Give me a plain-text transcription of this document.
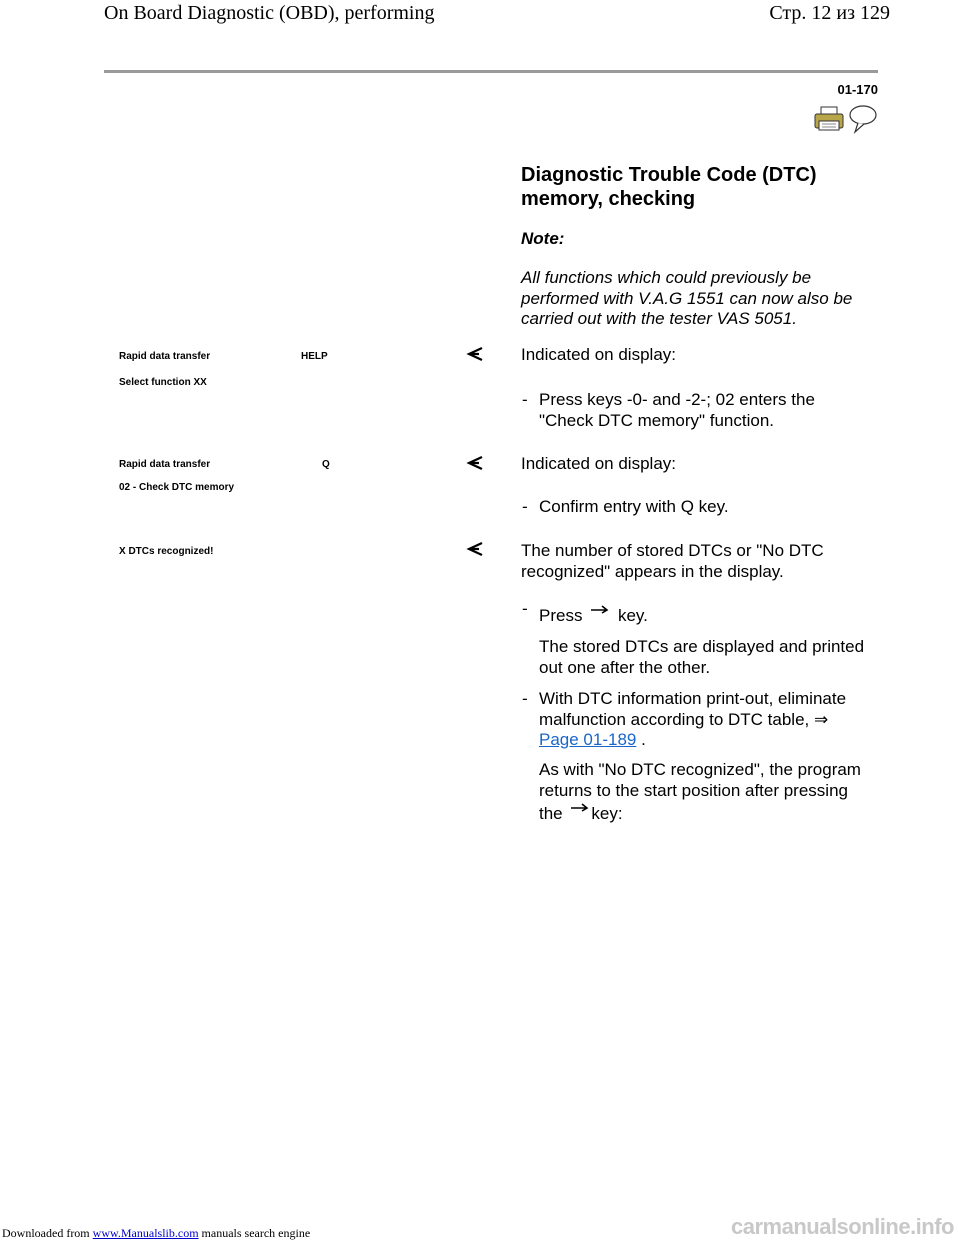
On Board Diagnostic (OBD), performing	Стр. 12 из 129
01-170
Diagnostic Trouble Code (DTC) memory, checking
Note:
All functions which could previously be performed with V.A.G 1551 can now also be carried out with the tester VAS 5051.
Rapid data transfer	HELP
Select function XX
Indicated on display:
- Press keys -0- and -2-; 02 enters the "Check DTC memory" function.
Rapid data transfer	Q
02 - Check DTC memory
Indicated on display:
- Confirm entry with Q key.
X DTCs recognized!	The number of stored DTCs or "No DTC recognized" appears in the display.
- Press key.
The stored DTCs are displayed and printed out one after the other.
- With DTC information print-out, eliminate malfunction according to DTC table, ⇒
Page 01-189 .
As with "No DTC recognized", the program returns to the start position after pressing the key:
Downloaded from www.Manualslib.com manuals search engine	carmanualsonline.info
